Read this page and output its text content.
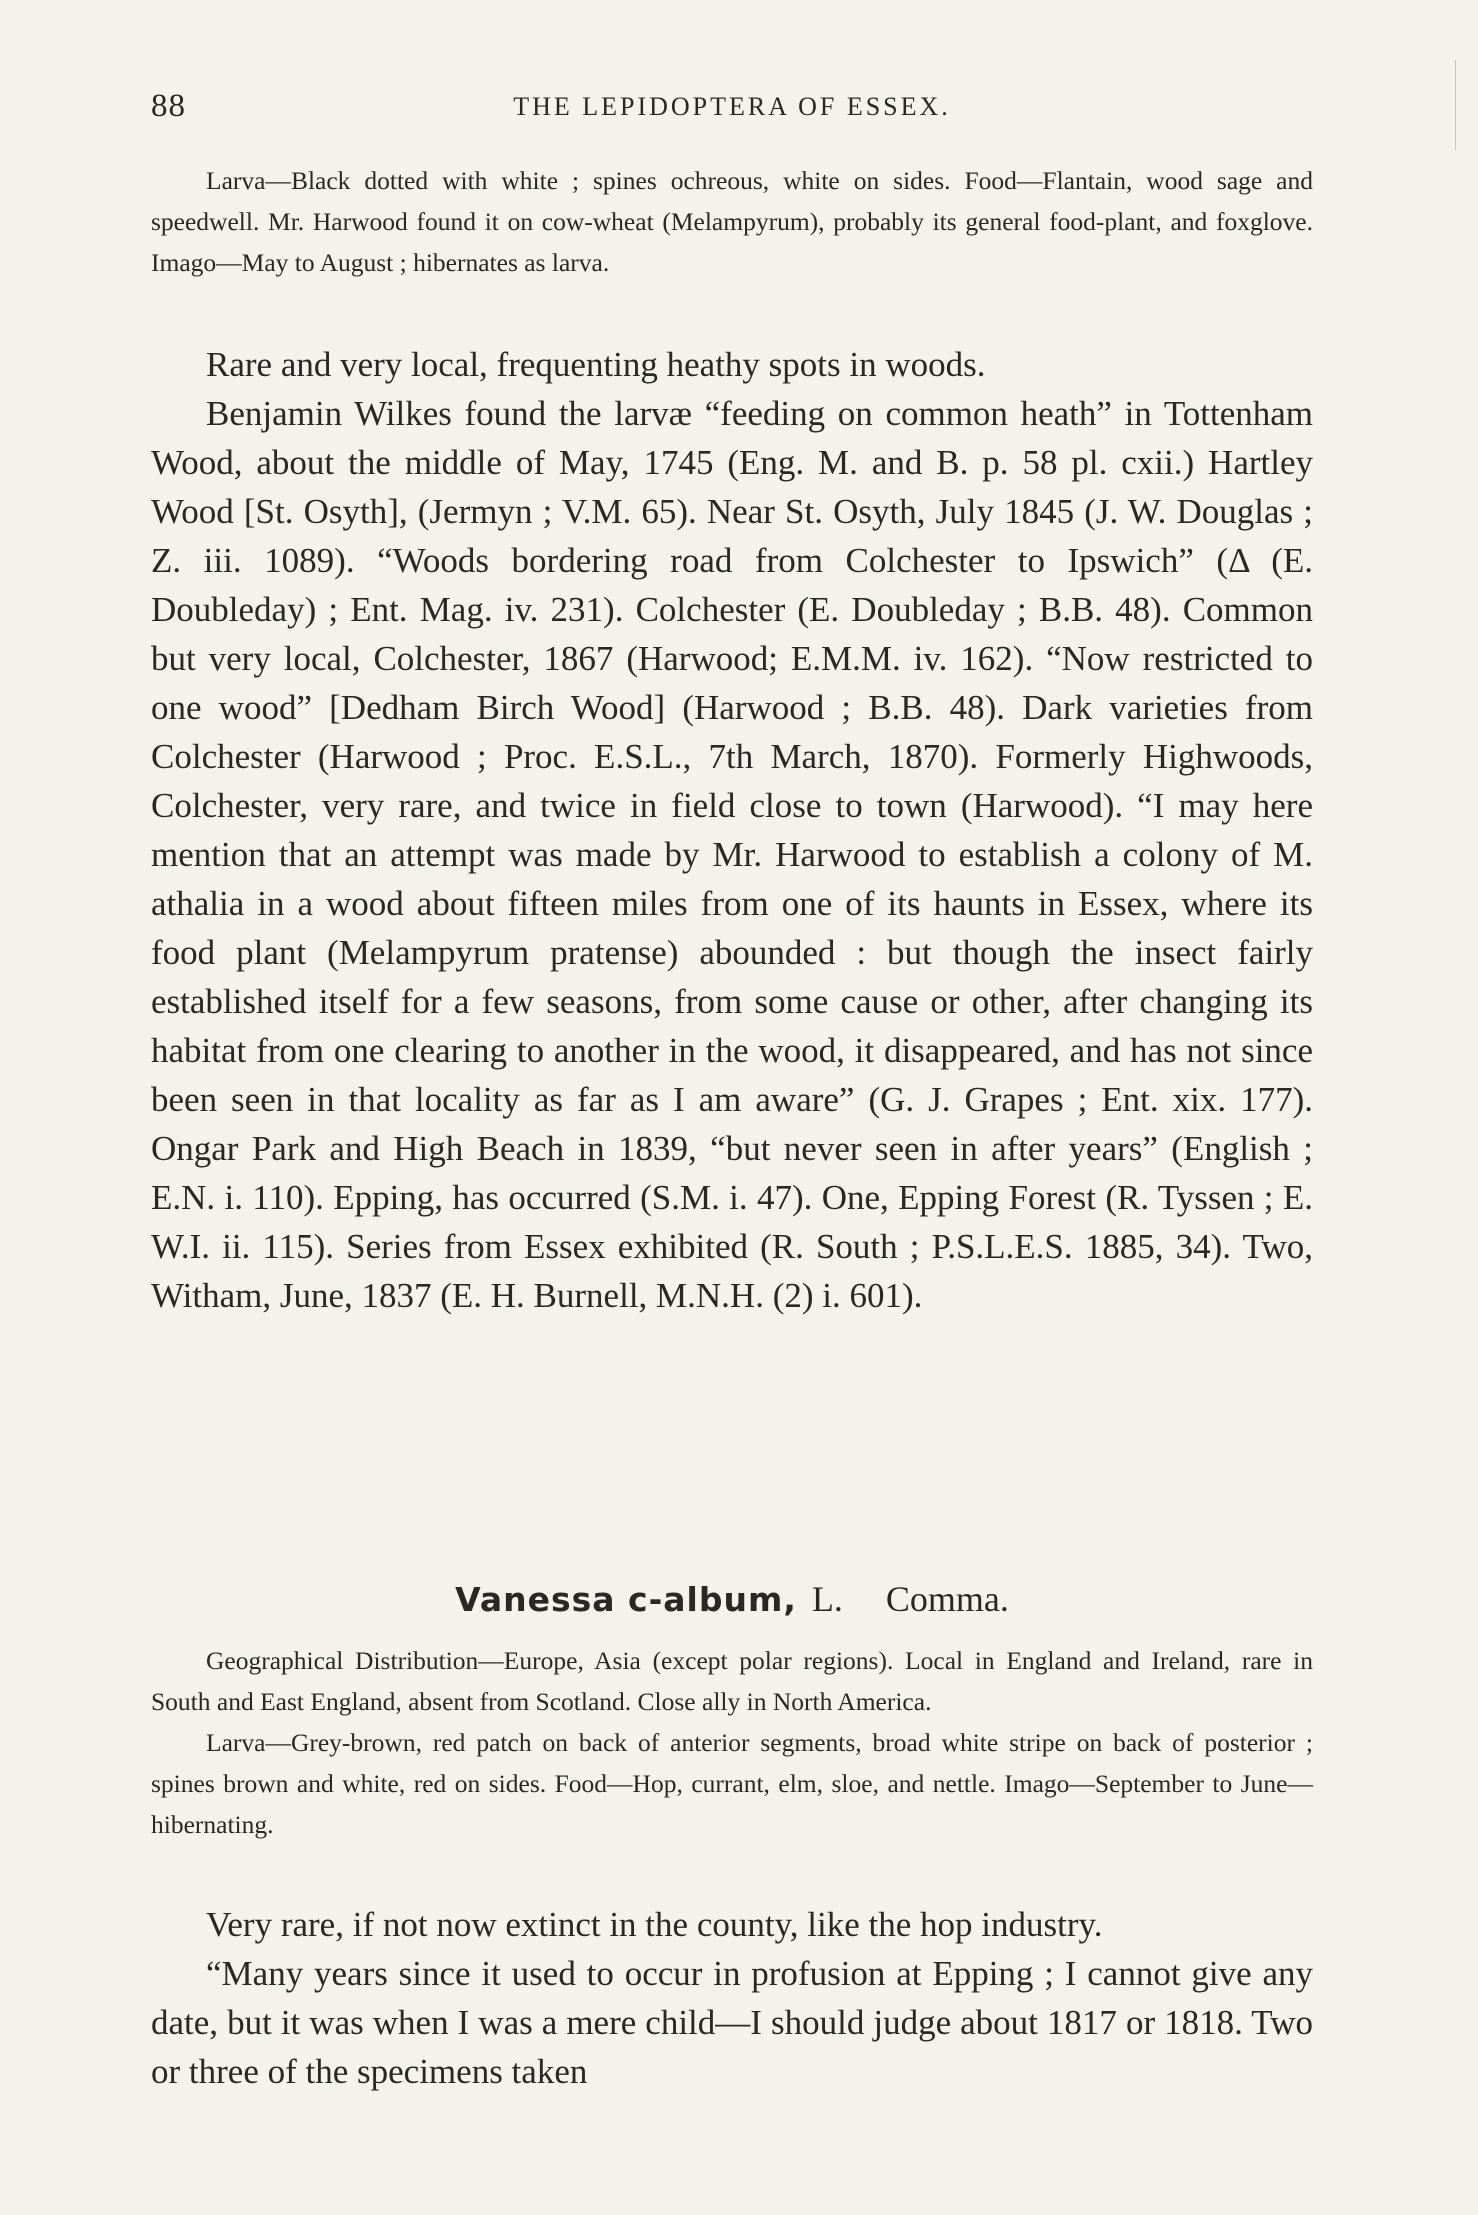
88	THE LEPIDOPTERA OF ESSEX.

Larva—Black dotted with white ; spines ochreous, white on sides. Food—Flantain, wood sage and speedwell. Mr. Harwood found it on cow-wheat (Melampyrum), probably its general food-plant, and foxglove. Imago—May to August ; hibernates as larva.

Rare and very local, frequenting heathy spots in woods.

Benjamin Wilkes found the larvæ “feeding on common heath” in Tottenham Wood, about the middle of May, 1745 (Eng. M. and B. p. 58 pl. cxii.) Hartley Wood [St. Osyth], (Jermyn ; V.M. 65). Near St. Osyth, July 1845 (J. W. Douglas ; Z. iii. 1089). “Woods bordering road from Colchester to Ipswich” (Δ (E. Doubleday) ; Ent. Mag. iv. 231). Colchester (E. Doubleday ; B.B. 48). Common but very local, Colchester, 1867 (Harwood; E.M.M. iv. 162). “Now restricted to one wood” [Dedham Birch Wood] (Harwood ; B.B. 48). Dark varieties from Colchester (Harwood ; Proc. E.S.L., 7th March, 1870). Formerly Highwoods, Colchester, very rare, and twice in field close to town (Harwood). “I may here mention that an attempt was made by Mr. Harwood to establish a colony of M. athalia in a wood about fifteen miles from one of its haunts in Essex, where its food plant (Melampyrum pratense) abounded : but though the insect fairly established itself for a few seasons, from some cause or other, after changing its habitat from one clearing to another in the wood, it disappeared, and has not since been seen in that locality as far as I am aware” (G. J. Grapes ; Ent. xix. 177). Ongar Park and High Beach in 1839, “but never seen in after years” (English ; E.N. i. 110). Epping, has occurred (S.M. i. 47). One, Epping Forest (R. Tyssen ; E. W.I. ii. 115). Series from Essex exhibited (R. South ; P.S.L.E.S. 1885, 34). Two, Witham, June, 1837 (E. H. Burnell, M.N.H. (2) i. 601).

Vanessa c-album, L. Comma.

Geographical Distribution—Europe, Asia (except polar regions). Local in England and Ireland, rare in South and East England, absent from Scotland. Close ally in North America.

Larva—Grey-brown, red patch on back of anterior segments, broad white stripe on back of posterior ; spines brown and white, red on sides. Food—Hop, currant, elm, sloe, and nettle. Imago—September to June—hibernating.

Very rare, if not now extinct in the county, like the hop industry.

“Many years since it used to occur in profusion at Epping ; I cannot give any date, but it was when I was a mere child—I should judge about 1817 or 1818. Two or three of the specimens taken
